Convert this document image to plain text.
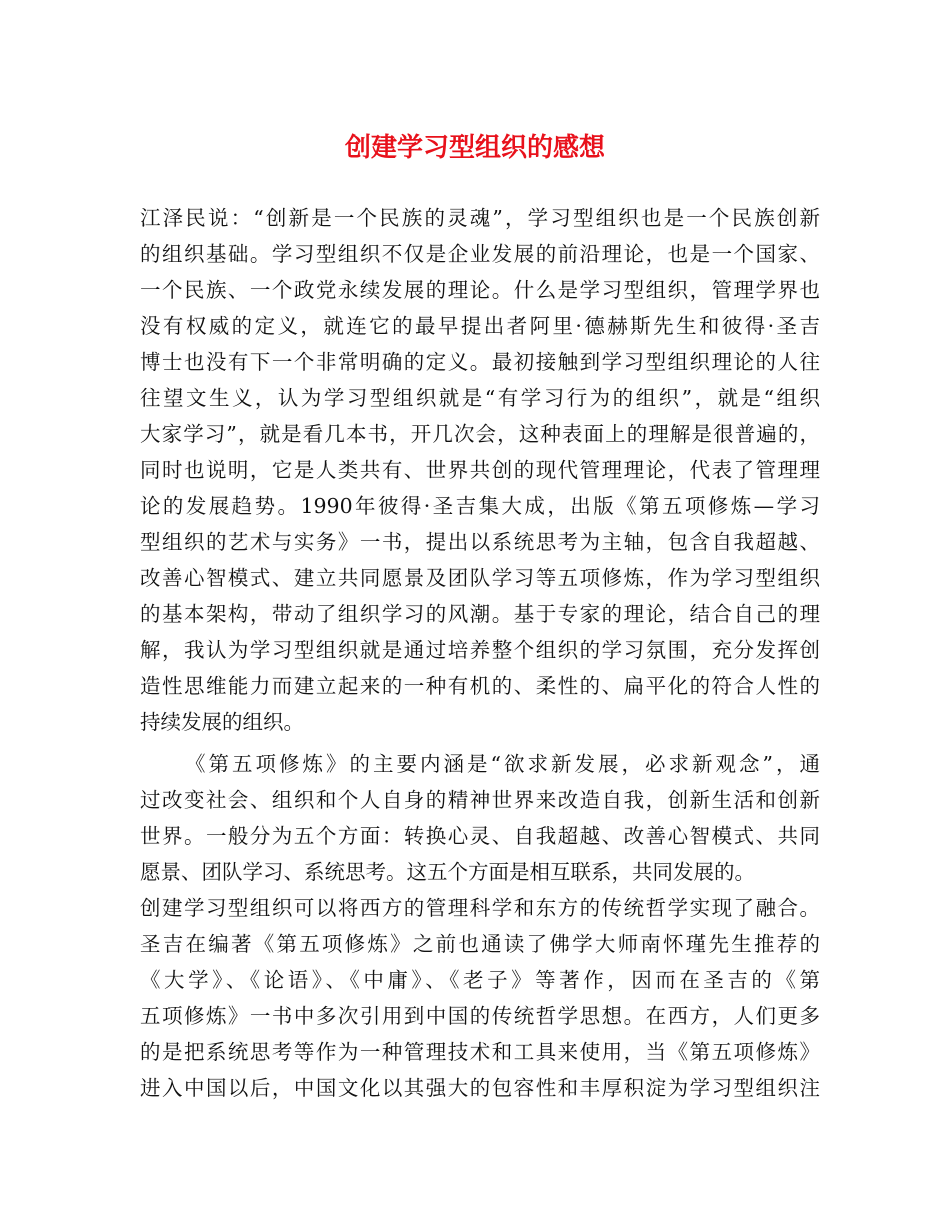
创建学习型组织的感想
江泽民说：“创新是一个民族的灵魂”，学习型组织也是一个民族创新
的组织基础。学习型组织不仅是企业发展的前沿理论，也是一个国家、
一个民族、一个政党永续发展的理论。什么是学习型组织，管理学界也
没有权威的定义，就连它的最早提出者阿里·德赫斯先生和彼得·圣吉
博士也没有下一个非常明确的定义。最初接触到学习型组织理论的人往
往望文生义，认为学习型组织就是“有学习行为的组织”，就是“组织
大家学习”，就是看几本书，开几次会，这种表面上的理解是很普遍的，
同时也说明，它是人类共有、世界共创的现代管理理论，代表了管理理
论的发展趋势。1990年彼得·圣吉集大成，出版《第五项修炼—学习
型组织的艺术与实务》一书，提出以系统思考为主轴，包含自我超越、
改善心智模式、建立共同愿景及团队学习等五项修炼，作为学习型组织
的基本架构，带动了组织学习的风潮。基于专家的理论，结合自己的理
解，我认为学习型组织就是通过培养整个组织的学习氛围，充分发挥创
造性思维能力而建立起来的一种有机的、柔性的、扁平化的符合人性的
持续发展的组织。
《第五项修炼》的主要内涵是“欲求新发展，必求新观念”，通
过改变社会、组织和个人自身的精神世界来改造自我，创新生活和创新
世界。一般分为五个方面：转换心灵、自我超越、改善心智模式、共同
愿景、团队学习、系统思考。这五个方面是相互联系，共同发展的。
创建学习型组织可以将西方的管理科学和东方的传统哲学实现了融合。
圣吉在编著《第五项修炼》之前也通读了佛学大师南怀瑾先生推荐的
《大学》、《论语》、《中庸》、《老子》等著作，因而在圣吉的《第
五项修炼》一书中多次引用到中国的传统哲学思想。在西方，人们更多
的是把系统思考等作为一种管理技术和工具来使用，当《第五项修炼》
进入中国以后，中国文化以其强大的包容性和丰厚积淀为学习型组织注
